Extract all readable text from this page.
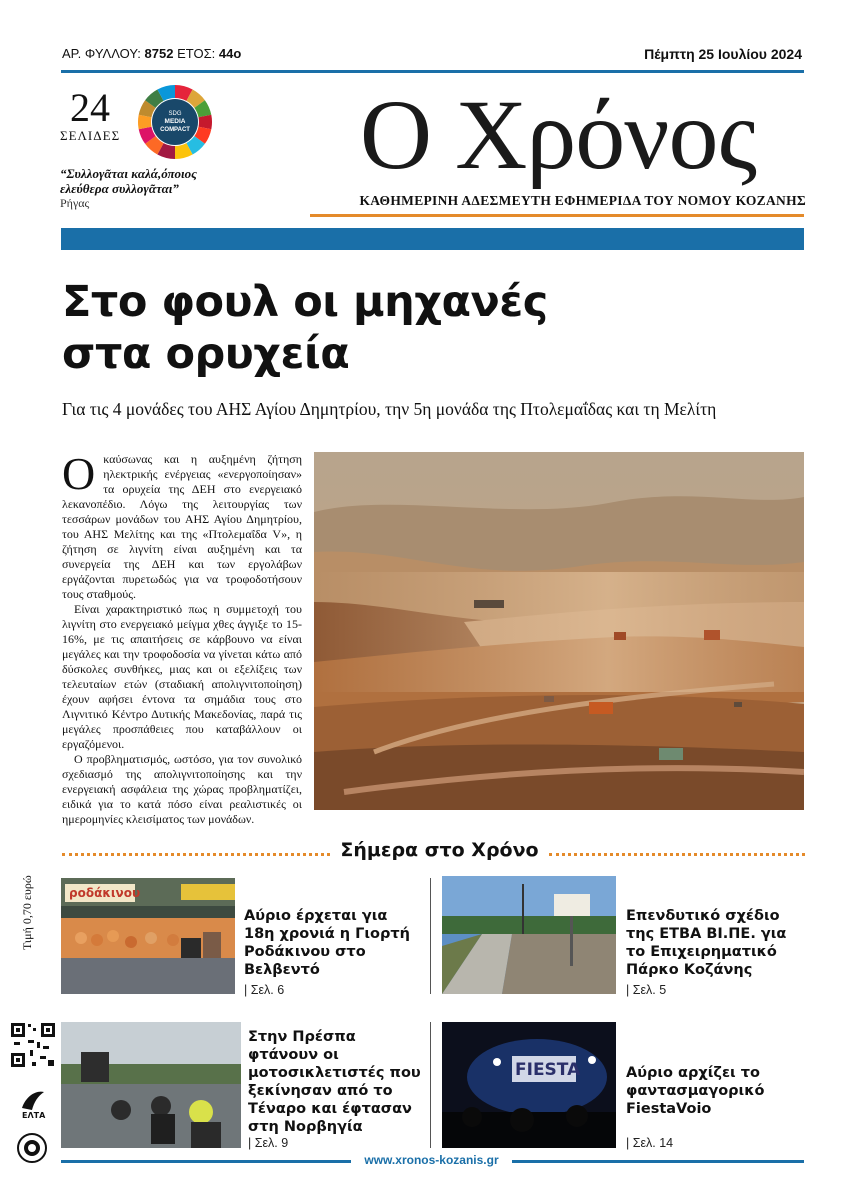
ΑΡ. ΦΥΛΛΟΥ: 8752 ΕΤΟΣ: 44ο	Πέμπτη 25 Ιουλίου 2024
24
ΣΕΛΙΔΕΣ
SDG
MEDIA
COMPACT
“Συλλογᾶται καλά,όποιος ελεύθερα συλλογᾶται”
Ρήγας
Ο Χρόνος
ΚΑΘΗΜΕΡΙΝΗ ΑΔΕΣΜΕΥΤΗ ΕΦΗΜΕΡΙΔΑ ΤΟΥ ΝΟΜΟΥ ΚΟΖΑΝΗΣ
Στο φουλ οι μηχανές
στα ορυχεία
Για τις 4 μονάδες του ΑΗΣ Αγίου Δημητρίου, την 5η μονάδα της Πτολεμαΐδας και τη Μελίτη

Οκαύσωνας και η αυξημένη ζήτηση ηλεκτρικής ενέργειας «ενεργοποίησαν» τα ορυχεία της ΔΕΗ στο ενεργειακό λεκανοπέδιο. Λόγω της λειτουργίας των τεσσάρων μονάδων του ΑΗΣ Αγίου Δημητρίου, του ΑΗΣ Μελίτης και της «Πτολεμαΐδα V», η ζήτηση σε λιγνίτη είναι αυξημένη και τα συνεργεία της ΔΕΗ και των εργολάβων εργάζονται πυρετωδώς για να τροφοδοτήσουν τους σταθμούς.

Είναι χαρακτηριστικό πως η συμμετοχή του λιγνίτη στο ενεργειακό μείγμα χθες άγγιξε το 15-16%, με τις απαιτήσεις σε κάρβουνο να είναι μεγάλες και την τροφοδοσία να γίνεται κάτω από δύσκολες συνθήκες, μιας και οι εξελίξεις των τελευταίων ετών (σταδιακή απολιγνιτοποίηση) έχουν αφήσει έντονα τα σημάδια τους στο Λιγνιτικό Κέντρο Δυτικής Μακεδονίας, παρά τις μεγάλες προσπάθειες που καταβάλλουν οι εργαζόμενοι.

Ο προβληματισμός, ωστόσο, για τον συνολικό σχεδιασμό της απολιγνιτοποίησης και την ενεργειακή ασφάλεια της χώρας προβληματίζει, ειδικά για το κατά πόσο είναι ρεαλιστικές οι ημερομηνίες κλεισίματος των μονάδων.

Σήμερα στο Χρόνο
ροδάκινου
Αύριο έρχεται για 18η χρονιά η Γιορτή Ροδάκινου στο Βελβεντό
| Σελ. 6
Επενδυτικό σχέδιο της ΕΤΒΑ ΒΙ.ΠΕ. για το Επιχειρηματικό Πάρκο Κοζάνης
| Σελ. 5
Στην Πρέσπα φτάνουν οι μοτοσικλετιστές που ξεκίνησαν από το Τέναρο και έφτασαν στη Νορβηγία
| Σελ. 9
FIESTA	Αύριο αρχίζει το φαντασμαγορικό FiestaVoio
| Σελ. 14
Τιμή 0,70 ευρώ
ΕΛΤΑ
www.xronos-kozanis.gr
